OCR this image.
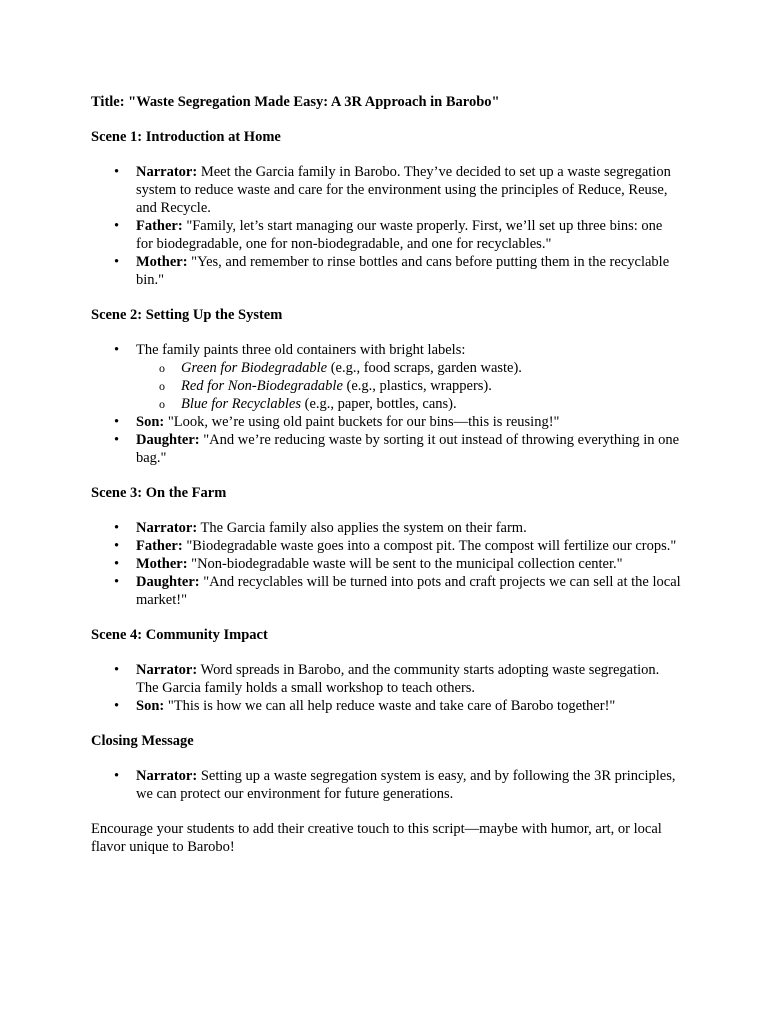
Title: "Waste Segregation Made Easy: A 3R Approach in Barobo"

Scene 1: Introduction at Home

• Narrator: Meet the Garcia family in Barobo. They’ve decided to set up a waste segregation system to reduce waste and care for the environment using the principles of Reduce, Reuse, and Recycle.
• Father: "Family, let’s start managing our waste properly. First, we’ll set up three bins: one for biodegradable, one for non-biodegradable, and one for recyclables."
• Mother: "Yes, and remember to rinse bottles and cans before putting them in the recyclable bin."

Scene 2: Setting Up the System

• The family paints three old containers with bright labels:
o Green for Biodegradable (e.g., food scraps, garden waste).
o Red for Non-Biodegradable (e.g., plastics, wrappers).
o Blue for Recyclables (e.g., paper, bottles, cans).
• Son: "Look, we’re using old paint buckets for our bins—this is reusing!"
• Daughter: "And we’re reducing waste by sorting it out instead of throwing everything in one bag."

Scene 3: On the Farm

• Narrator: The Garcia family also applies the system on their farm.
• Father: "Biodegradable waste goes into a compost pit. The compost will fertilize our crops."
• Mother: "Non-biodegradable waste will be sent to the municipal collection center."
• Daughter: "And recyclables will be turned into pots and craft projects we can sell at the local market!"

Scene 4: Community Impact

• Narrator: Word spreads in Barobo, and the community starts adopting waste segregation. The Garcia family holds a small workshop to teach others.
• Son: "This is how we can all help reduce waste and take care of Barobo together!"

Closing Message

• Narrator: Setting up a waste segregation system is easy, and by following the 3R principles, we can protect our environment for future generations.

Encourage your students to add their creative touch to this script—maybe with humor, art, or local flavor unique to Barobo!
